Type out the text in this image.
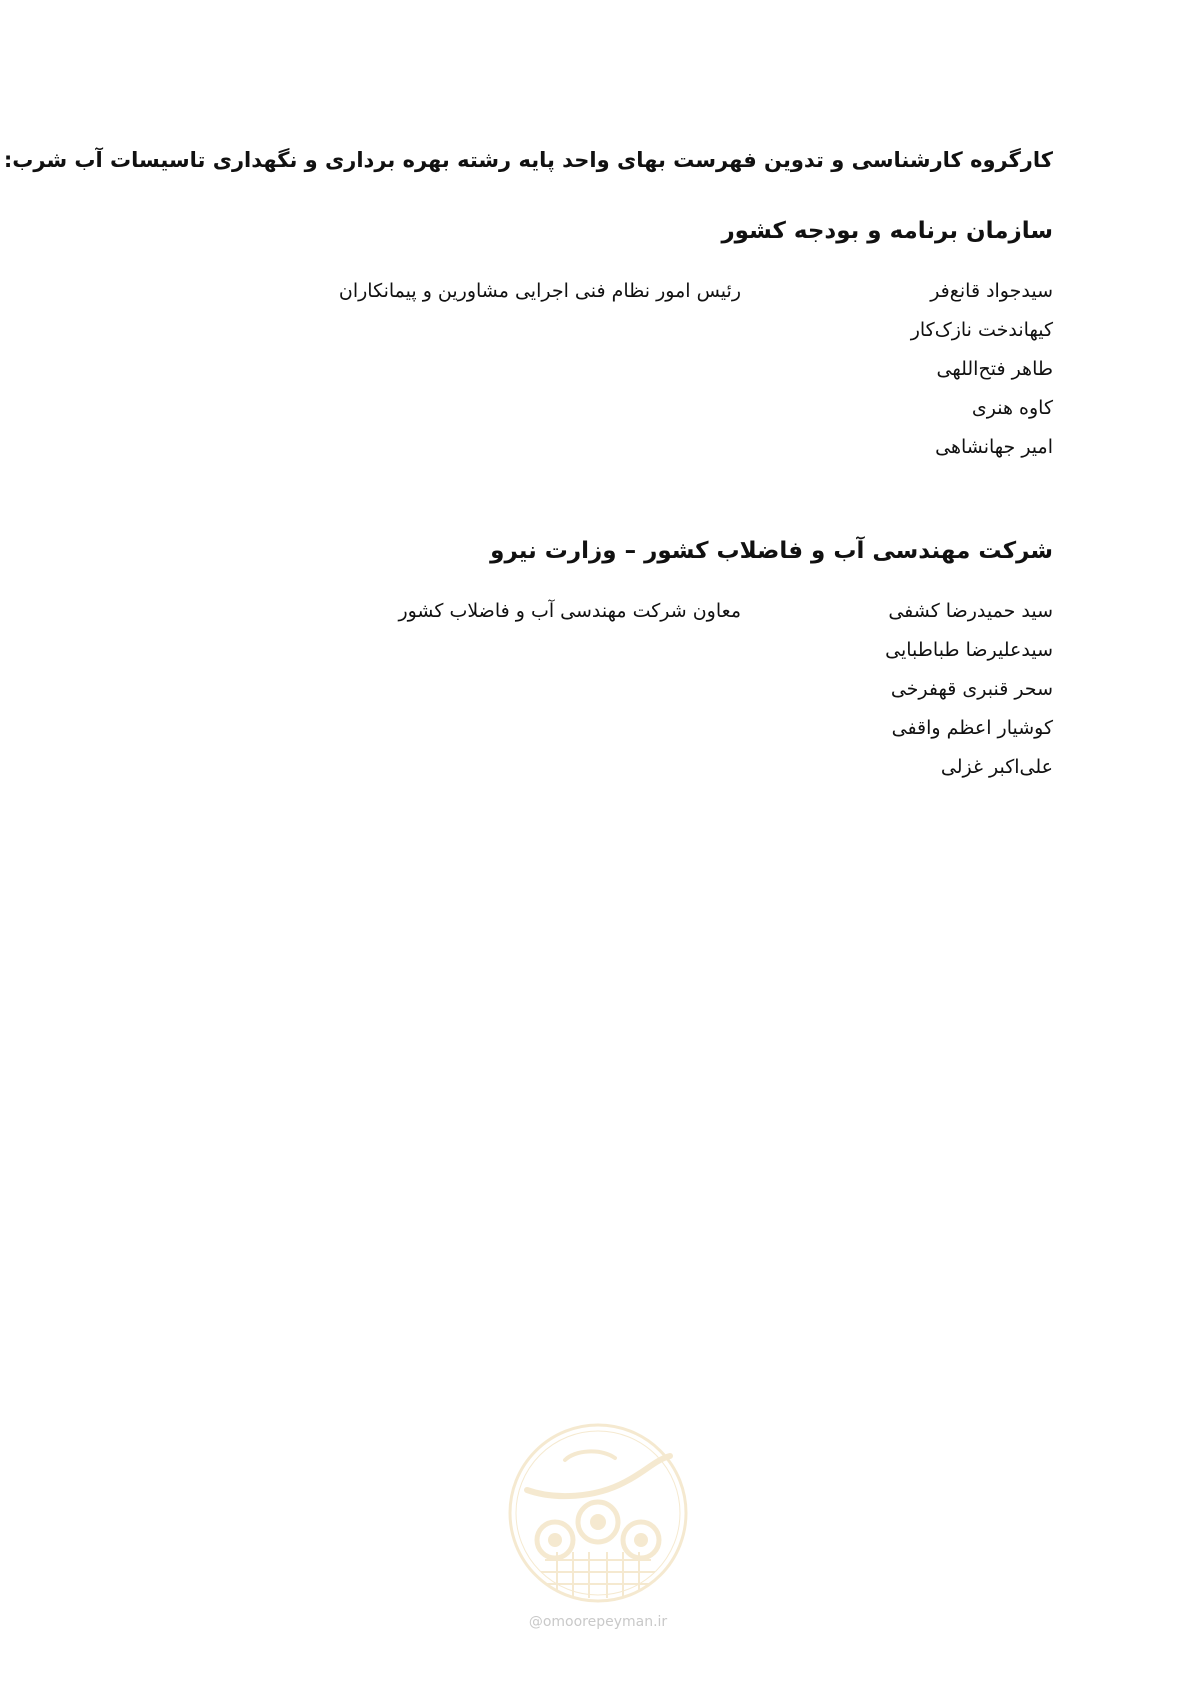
کارگروه کارشناسی و تدوین فهرست بهای واحد پایه رشته بهره برداری و نگهداری تاسیسات آب شرب:
سازمان برنامه و بودجه کشور
سیدجواد قانع‌فر
رئیس امور نظام فنی اجرایی مشاورین و پیمانکاران
کیهاندخت نازک‌کار
طاهر فتح‌اللهی
کاوه هنری
امیر جهانشاهی
شرکت مهندسی آب و فاضلاب کشور – وزارت نیرو
سید حمیدرضا کشفی
معاون شرکت مهندسی آب و فاضلاب کشور
سیدعلیرضا طباطبایی
سحر قنبری قهفرخی
کوشیار اعظم واقفی
علی‌اکبر غزلی
@omoorepeyman.ir
